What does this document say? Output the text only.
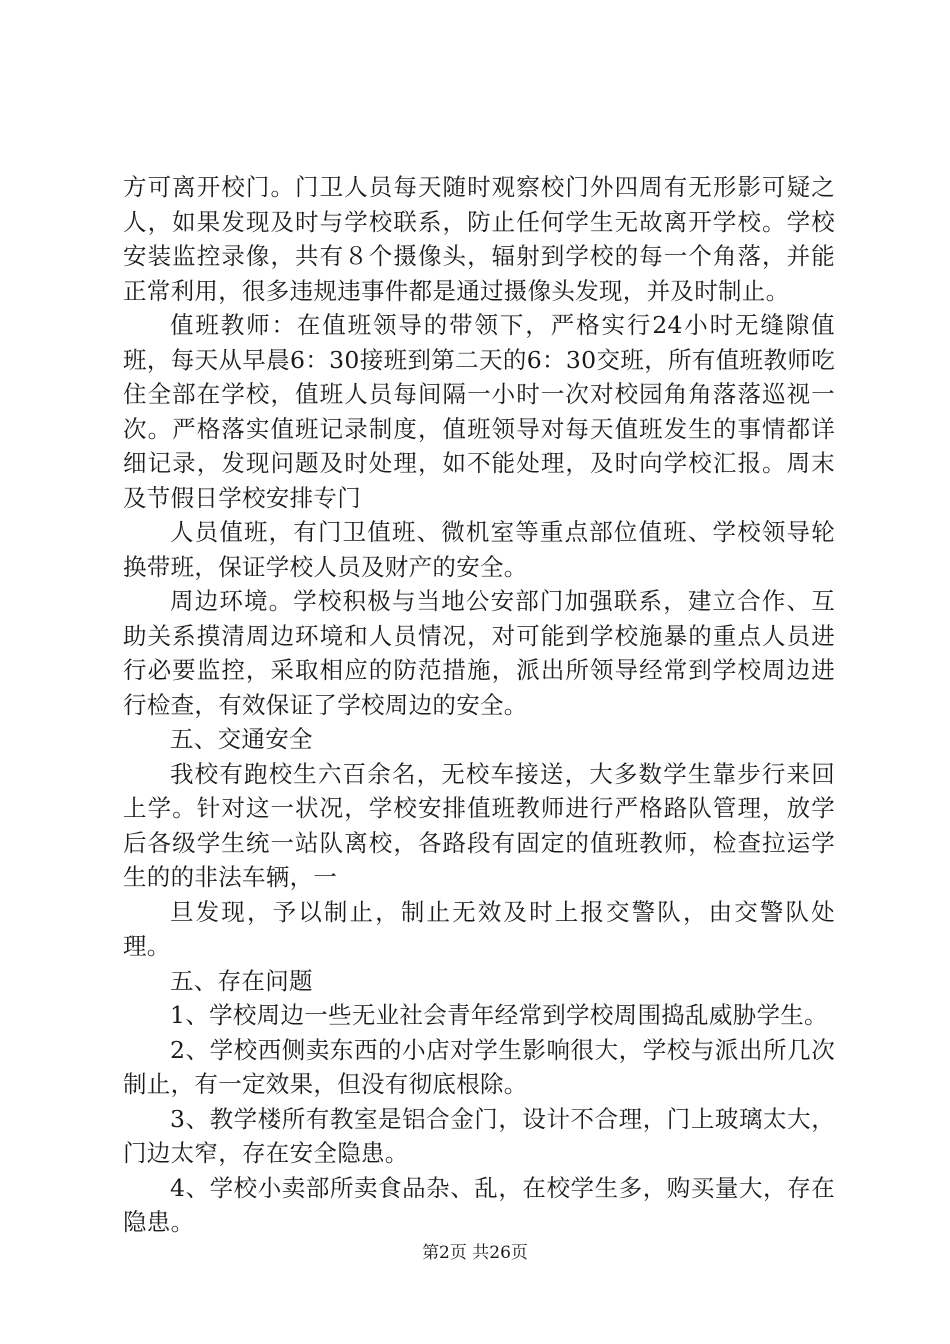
方可离开校门。门卫人员每天随时观察校门外四周有无形影可疑之人，如果发现及时与学校联系，防止任何学生无故离开学校。学校安装监控录像，共有８个摄像头，辐射到学校的每一个角落，并能正常利用，很多违规违事件都是通过摄像头发现，并及时制止。

值班教师：在值班领导的带领下，严格实行24小时无缝隙值班，每天从早晨6：30接班到第二天的6：30交班，所有值班教师吃住全部在学校，值班人员每间隔一小时一次对校园角角落落巡视一次。严格落实值班记录制度，值班领导对每天值班发生的事情都详细记录，发现问题及时处理，如不能处理，及时向学校汇报。周末及节假日学校安排专门

人员值班，有门卫值班、微机室等重点部位值班、学校领导轮换带班，保证学校人员及财产的安全。

周边环境。学校积极与当地公安部门加强联系，建立合作、互助关系摸清周边环境和人员情况，对可能到学校施暴的重点人员进行必要监控，采取相应的防范措施，派出所领导经常到学校周边进行检查，有效保证了学校周边的安全。

五、交通安全

我校有跑校生六百余名，无校车接送，大多数学生靠步行来回上学。针对这一状况，学校安排值班教师进行严格路队管理，放学后各级学生统一站队离校，各路段有固定的值班教师，检查拉运学生的的非法车辆，一

旦发现，予以制止，制止无效及时上报交警队，由交警队处理。

五、存在问题

1、学校周边一些无业社会青年经常到学校周围捣乱威胁学生。

2、学校西侧卖东西的小店对学生影响很大，学校与派出所几次制止，有一定效果，但没有彻底根除。

3、教学楼所有教室是铝合金门，设计不合理，门上玻璃太大，门边太窄，存在安全隐患。

4、学校小卖部所卖食品杂、乱，在校学生多，购买量大，存在隐患。

第2页 共26页
